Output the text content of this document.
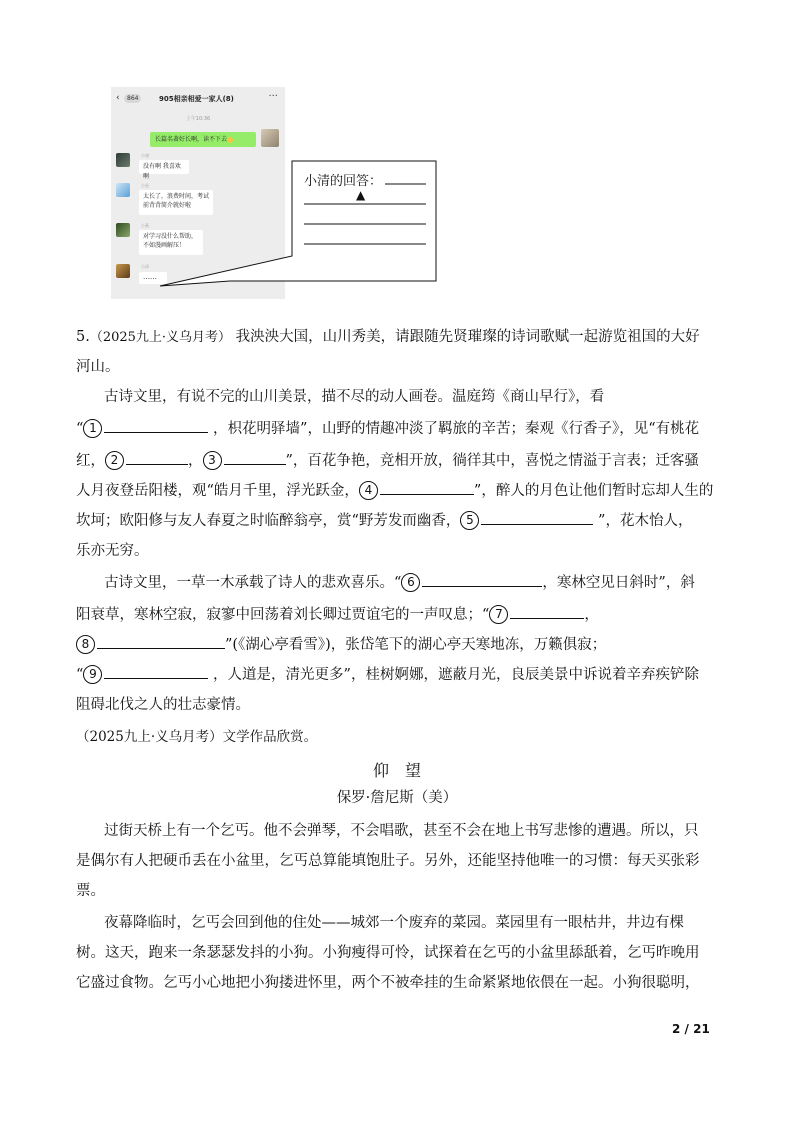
‹	864	905相亲相爱一家人(8)	···
上午10:36
长篇名著好长啊，读不下去
小唐
没有啊 我喜欢啊
小星
太长了，浪费时间，考试前背背简介就好啦
小燕
对学习没什么帮助，不如漫画解压！
小清
……
小清的回答：
▲
5.（2025九上·义乌月考） 我泱泱大国，山川秀美，请跟随先贤璀璨的诗词歌赋一起游览祖国的大好
河山。
古诗文里，有说不完的山川美景，描不尽的动人画卷。温庭筠《商山早行》，看
“ 1	，枳花明驿墙”，山野的情趣冲淡了羁旅的辛苦；秦观《行香子》，见“有桃花
红， 2	， 3	”，百花争艳，竞相开放，徜徉其中，喜悦之情溢于言表；迁客骚
人月夜登岳阳楼，观“皓月千里，浮光跃金， 4	”，醉人的月色让他们暂时忘却人生的
坎坷；欧阳修与友人春夏之时临醉翁亭，赏“野芳发而幽香， 5	”，花木怡人，
乐亦无穷。
古诗文里，一草一木承载了诗人的悲欢喜乐。“ 6	，寒林空见日斜时”，斜
阳衰草，寒林空寂，寂寥中回荡着刘长卿过贾谊宅的一声叹息；“ 7	，
8	”(《湖心亭看雪》)，张岱笔下的湖心亭天寒地冻，万籁俱寂；
“ 9	，人道是，清光更多”，桂树婀娜，遮蔽月光，良辰美景中诉说着辛弃疾铲除
阻碍北伐之人的壮志豪情。
（2025九上·义乌月考）文学作品欣赏。
仰　望
保罗·詹尼斯（美）
过街天桥上有一个乞丐。他不会弹琴，不会唱歌，甚至不会在地上书写悲惨的遭遇。所以，只
是偶尔有人把硬币丢在小盆里，乞丐总算能填饱肚子。另外，还能坚持他唯一的习惯：每天买张彩
票。
夜幕降临时，乞丐会回到他的住处——城郊一个废弃的菜园。菜园里有一眼枯井，井边有棵
树。这天，跑来一条瑟瑟发抖的小狗。小狗瘦得可怜，试探着在乞丐的小盆里舔舐着，乞丐昨晚用
它盛过食物。乞丐小心地把小狗搂进怀里，两个不被牵挂的生命紧紧地依偎在一起。小狗很聪明，
2 / 21
